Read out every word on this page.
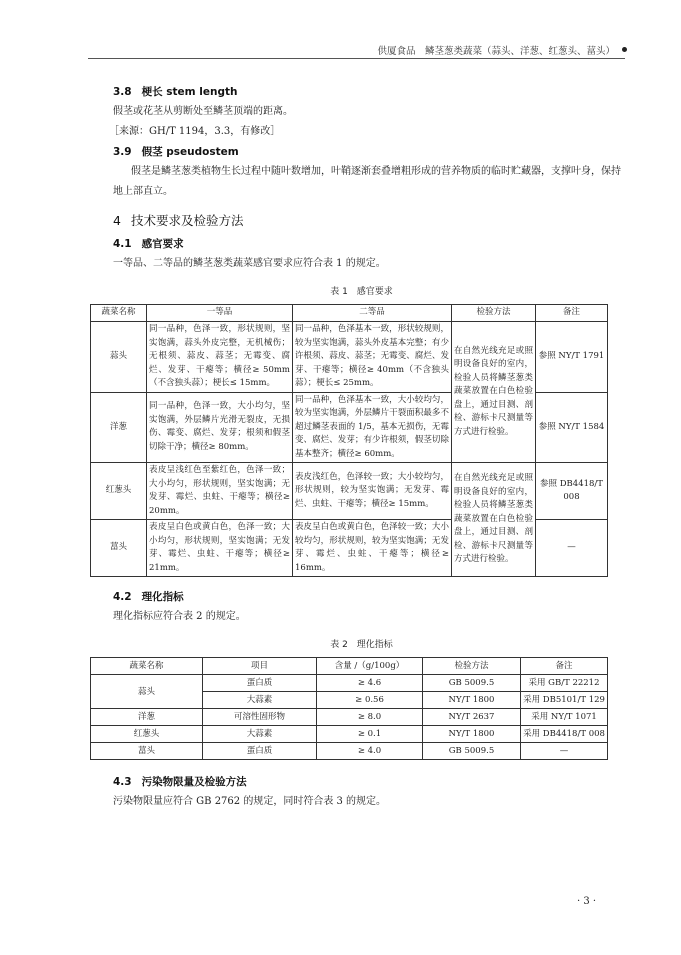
供厦食品　鳞茎葱类蔬菜（蒜头、洋葱、红葱头、葍头）
3.8 梗长 stem length

假茎或花茎从剪断处至鳞茎顶端的距离。

［来源：GH/T 1194，3.3，有修改］

3.9 假茎 pseudostem

假茎是鳞茎葱类植物生长过程中随叶数增加，叶鞘逐渐套叠增粗形成的营养物质的临时贮藏器，支撑叶身，保持地上部直立。

4 技术要求及检验方法
4.1 感官要求

一等品、二等品的鳞茎葱类蔬菜感官要求应符合表 1 的规定。

表 1　感官要求
蔬菜名称	一等品	二等品	检验方法	备注
蒜头	同一品种，色泽一致，形状规则，坚实饱满，蒜头外皮完整，无机械伤；无根须、蒜皮、蒜茎；无霉变、腐烂、发芽、干瘪等；横径≥ 50mm（不含独头蒜）；梗长≤ 15mm。	同一品种，色泽基本一致，形状较规则，较为坚实饱满，蒜头外皮基本完整；有少许根须、蒜皮、蒜茎；无霉变、腐烂、发芽、干瘪等；横径≥ 40mm（不含独头蒜）；梗长≤ 25mm。	在自然光线充足或照明设备良好的室内，检验人员将鳞茎葱类蔬菜放置在白色检验盘上，通过目测、剖检、游标卡尺测量等方式进行检验。	参照 NY/T 1791
洋葱	同一品种，色泽一致，大小均匀，坚实饱满，外层鳞片光滑无裂皮，无损伤、霉变、腐烂、发芽；根须和假茎切除干净；横径≥ 80mm。	同一品种，色泽基本一致，大小较均匀，较为坚实饱满，外层鳞片干裂面积最多不超过鳞茎表面的 1/5，基本无损伤，无霉变、腐烂、发芽；有少许根须，假茎切除基本整齐；横径≥ 60mm。		参照 NY/T 1584
红葱头	表皮呈浅红色至紫红色，色泽一致；大小均匀，形状规则，坚实饱满；无发芽、霉烂、虫蛀、干瘪等；横径≥ 20mm。	表皮浅红色，色泽较一致；大小较均匀，形状规则，较为坚实饱满；无发芽、霉烂、虫蛀、干瘪等；横径≥ 15mm。	在自然光线充足或照明设备良好的室内，检验人员将鳞茎葱类蔬菜放置在白色检验盘上，通过目测、剖检、游标卡尺测量等方式进行检验。	参照 DB4418/T 008
葍头	表皮呈白色或黄白色，色泽一致；大小均匀，形状规则，坚实饱满；无发芽、霉烂、虫蛀、干瘪等；横径≥ 21mm。	表皮呈白色或黄白色，色泽较一致；大小较均匀，形状规则，较为坚实饱满；无发芽、霉烂、虫蛀、干瘪等；横径≥ 16mm。		—
4.2 理化指标

理化指标应符合表 2 的规定。

表 2　理化指标
蔬菜名称	项目	含量 /（g/100g）	检验方法	备注
蒜头	蛋白质	≥ 4.6	GB 5009.5	采用 GB/T 22212
	大蒜素	≥ 0.56	NY/T 1800	采用 DB5101/T 129
洋葱	可溶性固形物	≥ 8.0	NY/T 2637	采用 NY/T 1071
红葱头	大蒜素	≥ 0.1	NY/T 1800	采用 DB4418/T 008
葍头	蛋白质	≥ 4.0	GB 5009.5	—
4.3 污染物限量及检验方法

污染物限量应符合 GB 2762 的规定，同时符合表 3 的规定。

· 3 ·
